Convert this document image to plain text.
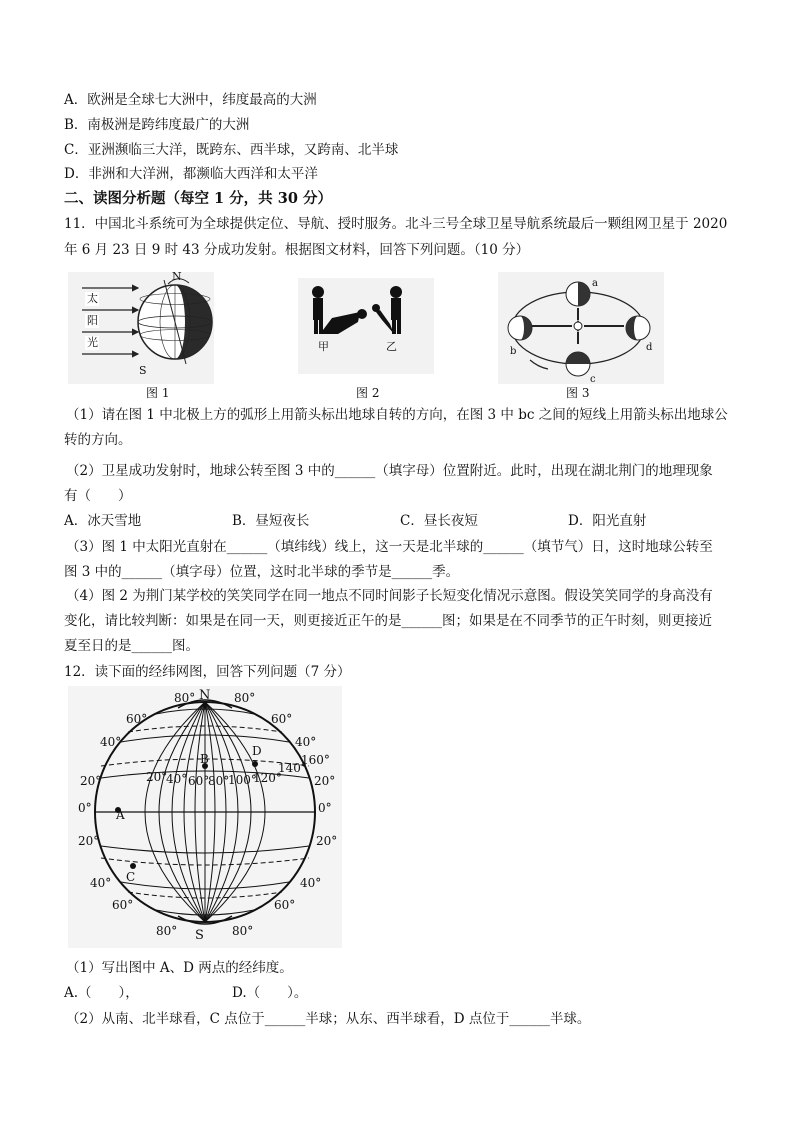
A．欧洲是全球七大洲中，纬度最高的大洲
B．南极洲是跨纬度最广的大洲
C．亚洲濒临三大洋，既跨东、西半球，又跨南、北半球
D．非洲和大洋洲，都濒临大西洋和太平洋
二、读图分析题（每空 1 分，共 30 分）
11．中国北斗系统可为全球提供定位、导航、授时服务。北斗三号全球卫星导航系统最后一颗组网卫星于 2020
年 6 月 23 日 9 时 43 分成功发射。根据图文材料，回答下列问题。（10 分）
太
阳
光
N
S
图 1
甲	乙
图 2
a
b
c
d
图 3
（1）请在图 1 中北极上方的弧形上用箭头标出地球自转的方向，在图 3 中 bc 之间的短线上用箭头标出地球公
转的方向。
（2）卫星成功发射时，地球公转至图 3 中的______（填字母）位置附近。此时，出现在湖北荆门的地理现象
有（　　）
A．冰天雪地	B．昼短夜长	C．昼长夜短	D．阳光直射
（3）图 1 中太阳光直射在______（填纬线）线上，这一天是北半球的______（填节气）日，这时地球公转至
图 3 中的______（填字母）位置，这时北半球的季节是______季。
（4）图 2 为荆门某学校的笑笑同学在同一地点不同时间影子长短变化情况示意图。假设笑笑同学的身高没有
变化，请比较判断：如果是在同一天，则更接近正午的是______图；如果是在不同季节的正午时刻，则更接近
夏至日的是______图。
12．读下面的经纬网图，回答下列问题（7 分）
80° N 80°
80° S 80°
60°
40°
20°
0°
20°
40°
60°
60°
40°
20°
0°
20°
40°
60°
20°
40° 60°
80°
100°
120°
140°
160°
A
B
C
D
（1）写出图中 A、D 两点的经纬度。
A.（　　），	D.（　　）。
（2）从南、北半球看，C 点位于______半球；从东、西半球看，D 点位于______半球。
